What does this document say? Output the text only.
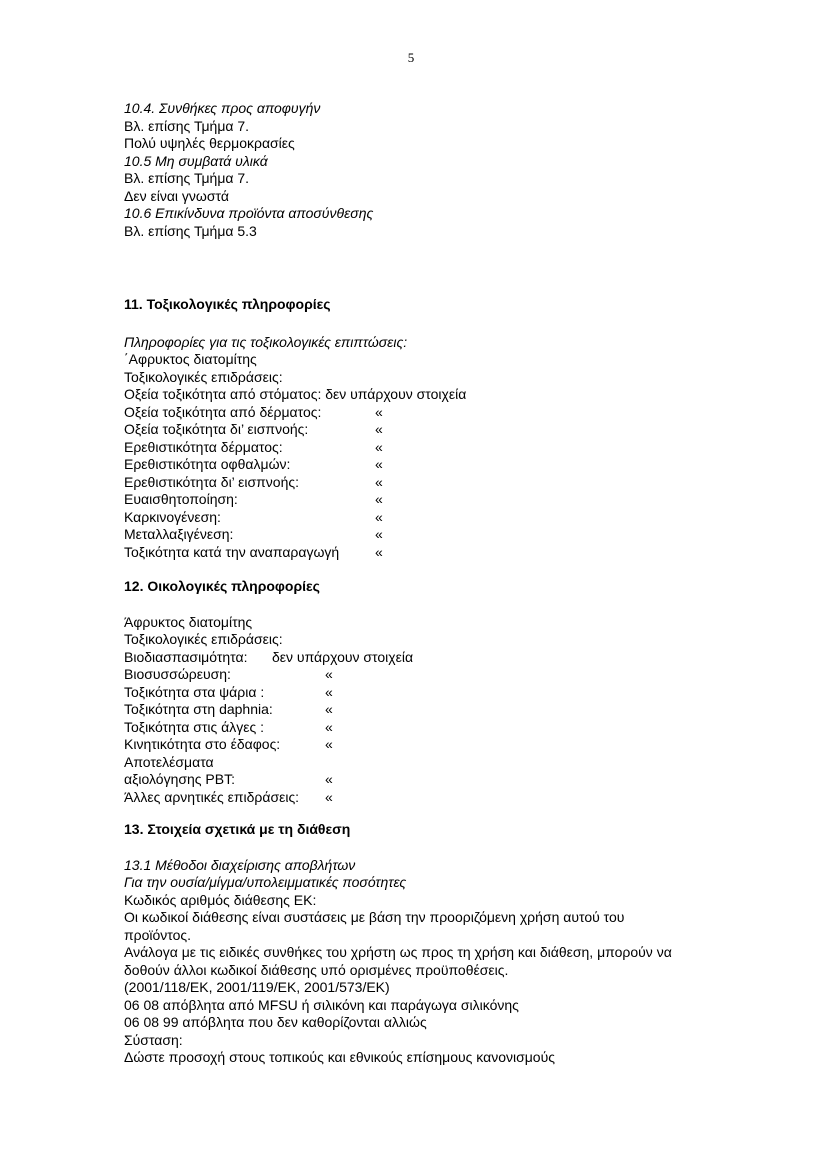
5
10.4. Συνθήκες προς αποφυγήν
Βλ. επίσης Τμήμα 7.
Πολύ υψηλές θερμοκρασίες
10.5 Μη συμβατά υλικά
Βλ. επίσης Τμήμα 7.
Δεν είναι γνωστά
10.6 Επικίνδυνα προϊόντα αποσύνθεσης
Βλ. επίσης Τμήμα 5.3
11. Τοξικολογικές πληροφορίες
Πληροφορίες για τις τοξικολογικές επιπτώσεις:
΄Αφρυκτος διατομίτης
Τοξικολογικές επιδράσεις:
Οξεία τοξικότητα από στόματος: δεν υπάρχουν στοιχεία
Οξεία τοξικότητα από δέρματος:	«
Οξεία τοξικότητα δι’ εισπνοής:	«
Ερεθιστικότητα δέρματος:	«
Ερεθιστικότητα οφθαλμών:	«
Ερεθιστικότητα δι’ εισπνοής:	«
Ευαισθητοποίηση:	«
Καρκινογένεση:	«
Μεταλλαξιγένεση:	«
Τοξικότητα κατά την αναπαραγωγή	«
12. Οικολογικές πληροφορίες
Άφρυκτος διατομίτης
Τοξικολογικές επιδράσεις:
Βιοδιασπασιμότητα:	δεν υπάρχουν στοιχεία
Βιοσυσσώρευση:	«
Τοξικότητα στα ψάρια :	«
Τοξικότητα στη daphnia:	«
Τοξικότητα στις άλγες :	«
Κινητικότητα στο έδαφος:	«
Αποτελέσματα
αξιολόγησης PBT:	«
Άλλες αρνητικές επιδράσεις:	«
13. Στοιχεία σχετικά με τη διάθεση
13.1 Μέθοδοι διαχείρισης αποβλήτων
Για την ουσία/μίγμα/υπολειμματικές ποσότητες
Κωδικός αριθμός διάθεσης ΕΚ:
Οι κωδικοί διάθεσης είναι συστάσεις με βάση την προοριζόμενη χρήση αυτού του προϊόντος.
Ανάλογα με τις ειδικές συνθήκες του χρήστη ως προς τη χρήση και διάθεση, μπορούν να δοθούν άλλοι κωδικοί διάθεσης υπό ορισμένες προϋποθέσεις.
(2001/118/ΕΚ, 2001/119/ΕΚ, 2001/573/ΕΚ)
06 08 απόβλητα από MFSU ή σιλικόνη και παράγωγα σιλικόνης
06 08 99 απόβλητα που δεν καθορίζονται αλλιώς
Σύσταση:
Δώστε προσοχή στους τοπικούς και εθνικούς επίσημους κανονισμούς
